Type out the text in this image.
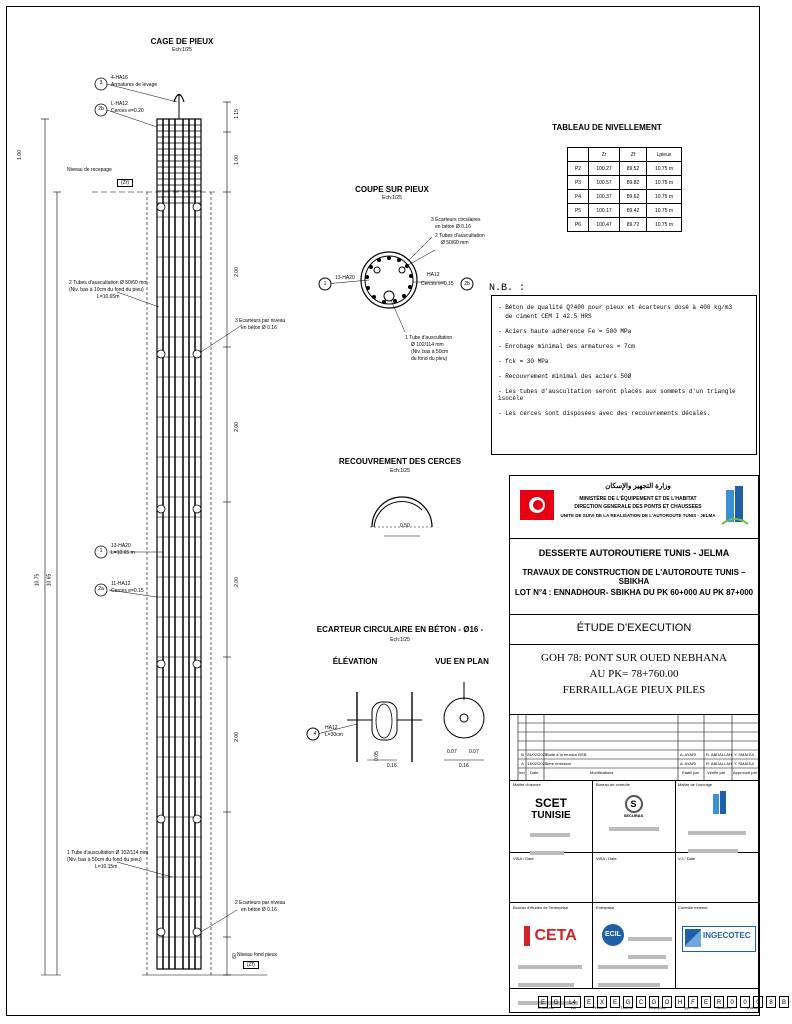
CAGE DE PIEUX
Ech:1/25
3
4-HA16
Armatures de levage
2b
L-HA12
Cerces e=0.20
Niveau de recepage
(Zr)
2 Tubes d'auscultation Ø 50/60 mm
(Niv. bas à 10cm du fond du pieu)
L=10.65m
3 Ecarteurs par niveau
en béton Ø 0.16
1
13-HA20
L=10.65 m
2a
11-HA12
Cerces e=0.15
1 Tube d'auscultation Ø 102/114 mm
(Niv. bas à 50cm du fond du pieu)
L=10.15m
2 Ecarteurs par niveau
en béton Ø 0.16
Niveau fond pieux
(Zf)
1.15
1.00
2.00
2.00
2.00
2.00
60
1.00
10.75 10.65
COUPE SUR PIEUX
Ech:1/25
1	2b
13-HA20	HA12
Cerces e=0.15
3 Écarteurs circulaires
en béton Ø 0.16
2 Tubes d'auscultation
Ø 50/60 mm
1 Tube d'auscultation
Ø 102/114 mm
(Niv. bas à 50cm
du fond du pieu)
RECOUVREMENT DES CERCES
Ech:1/25
0.50
ECARTEUR CIRCULAIRE EN BÉTON - Ø16 -
Ech:1/25
ÉLÉVATION	VUE EN PLAN
4
HA12
L=30cm
0.05
0.16
0.07 0.07
0.16
TABLEAU DE NIVELLEMENT
	Zr	Zf	Lpieux
P2	100.27	89.52	10.75 m
P3	100.57	89.82	10.75 m
P4	100.37	89.62	10.75 m
P5	100.17	89.42	10.75 m
P6	100.47	89.72	10.75 m
N.B. :
- Béton de qualité Q?400 pour pieux et écarteurs dosé à 400 kg/m3
de ciment CEM I 42.5 HRS
- Aciers haute adhérence Fe = 500 MPa
- Enrobage minimal des armatures = 7cm
- fck = 30 MPa
- Recouvrement minimal des aciers 50Ø
- Les tubes d'auscultation seront placés aux sommets d'un triangle isocèle
- Les cerces sont disposées avec des recouvrements décalés.
وزارة التجهيز والإسكان
MINISTÈRE DE L'ÉQUIPEMENT ET DE L'HABITAT
DIRECTION GENERALE DES PONTS ET CHAUSSEES
UNITE DE SUIVI DE LA REALISATION DE L'AUTOROUTE TUNIS - JELMA
DESSERTE AUTOROUTIERE TUNIS - JELMA
TRAVAUX DE CONSTRUCTION DE L'AUTOROUTE TUNIS – SBIKHA
LOT N°4 : ENNADHOUR- SBIKHA DU PK 60+000 AU PK 87+000
ÉTUDE D'EXECUTION
GOH 78: PONT SUR OUED NEBHANA
AU PK= 78+760.00
FERRAILLAGE PIEUX PILES
B 25/02/2025
Suite à la réunion BSB	A. AYARI R. ABDALLAH Y. SMAOUI
A 13/02/2025
1ère émission	A. AYARI R. ABDALLAH Y. SMAOUI
Ind Date	Modifications	Etabli par Vérifié par Approuvé par
Maître d'oeuvre	Bureau de contrôle	Maître de l'ouvrage
SCET
TUNISIE
S
SECURAS
VISA / Date	VISA / Date	V.J / Date
Bureau d'études de l'entreprise	Entreprise	Contrôle externe
CETA	ECIL	INGECOTEC
E G L4 E X E G C G O H F E R 0 0 0 8 B
Émetteur	Lot	Phase	Thème	Discipline	Type doc.	Numéro	Indice
